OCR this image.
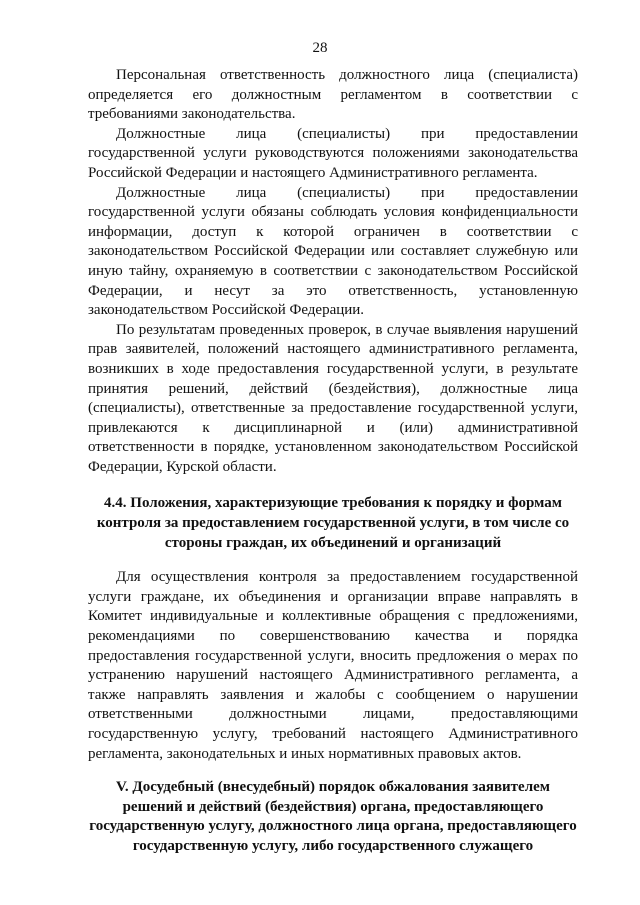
28

Персональная ответственность должностного лица (специалиста) определяется его должностным регламентом в соответствии с требованиями законодательства.

Должностные лица (специалисты) при предоставлении государственной услуги руководствуются положениями законодательства Российской Федерации и настоящего Административного регламента.

Должностные лица (специалисты) при предоставлении государственной услуги обязаны соблюдать условия конфиденциальности информации, доступ к которой ограничен в соответствии с законодательством Российской Федерации или составляет служебную или иную тайну, охраняемую в соответствии с законодательством Российской Федерации, и несут за это ответственность, установленную законодательством Российской Федерации.

По результатам проведенных проверок, в случае выявления нарушений прав заявителей, положений настоящего административного регламента, возникших в ходе предоставления государственной услуги, в результате принятия решений, действий (бездействия), должностные лица (специалисты), ответственные за предоставление государственной услуги, привлекаются к дисциплинарной и (или) административной ответственности в порядке, установленном законодательством Российской Федерации, Курской области.

4.4. Положения, характеризующие требования к порядку и формам контроля за предоставлением государственной услуги, в том числе со стороны граждан, их объединений и организаций

Для осуществления контроля за предоставлением государственной услуги граждане, их объединения и организации вправе направлять в Комитет индивидуальные и коллективные обращения с предложениями, рекомендациями по совершенствованию качества и порядка предоставления государственной услуги, вносить предложения о мерах по устранению нарушений настоящего Административного регламента, а также направлять заявления и жалобы с сообщением о нарушении ответственными должностными лицами, предоставляющими государственную услугу, требований настоящего Административного регламента, законодательных и иных нормативных правовых актов.

V. Досудебный (внесудебный) порядок обжалования заявителем решений и действий (бездействия) органа, предоставляющего государственную услугу, должностного лица органа, предоставляющего государственную услугу, либо государственного служащего
